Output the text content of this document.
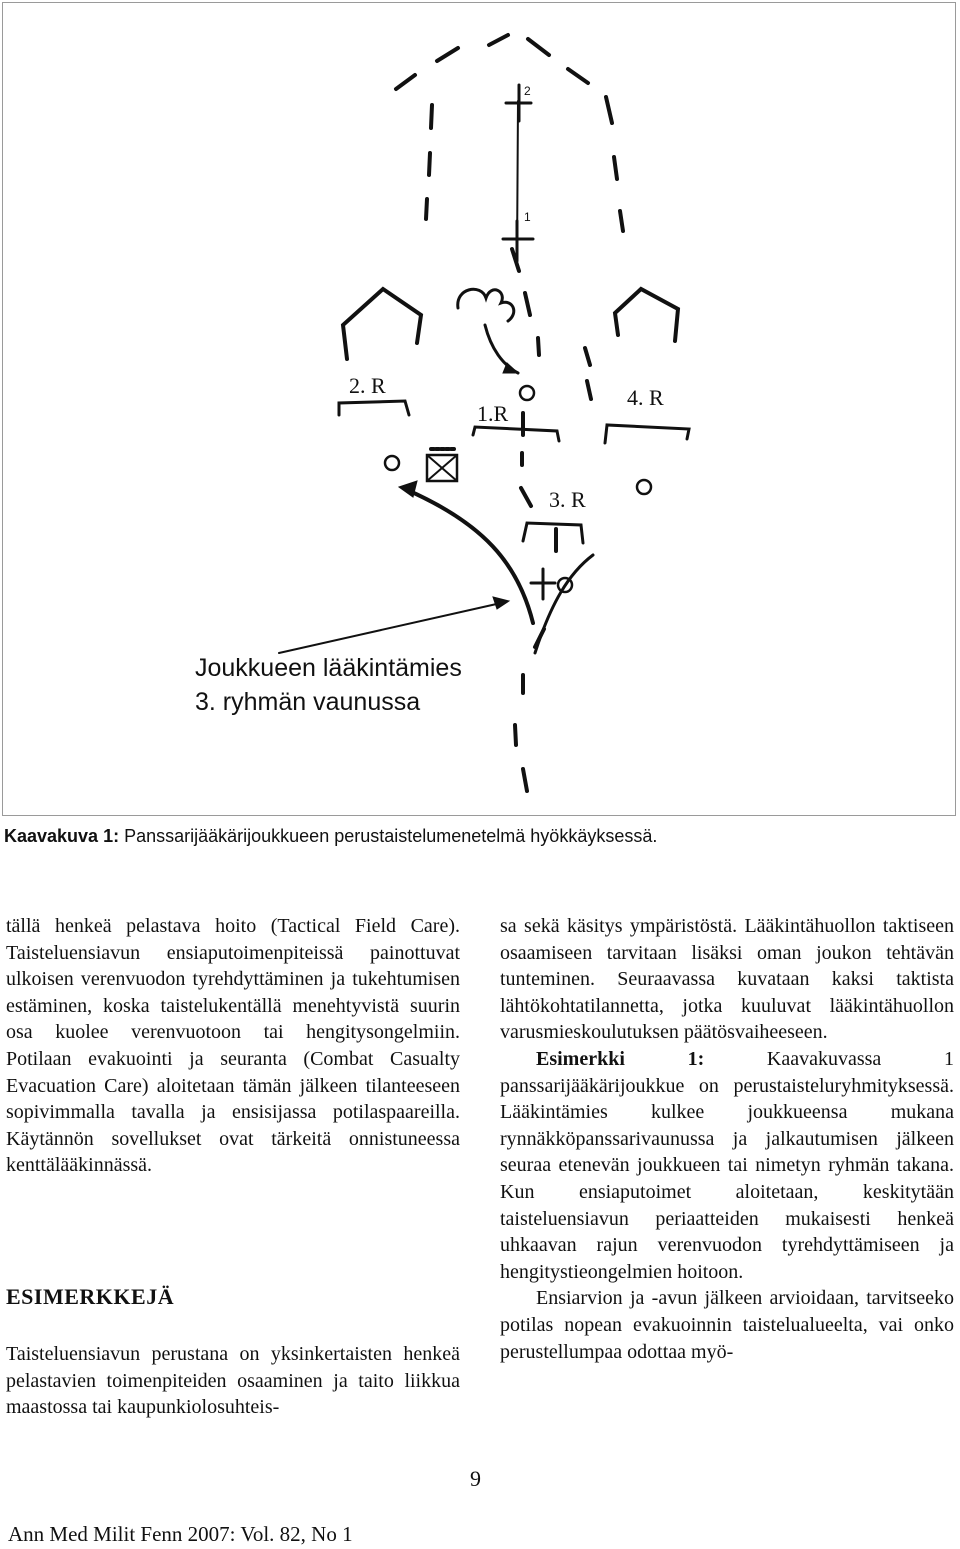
2. R
1.R
4. R
3. R
2
1
Joukkueen lääkintämies
3. ryhmän vaunussa
Kaavakuva 1: Panssarijääkärijoukkueen perustaistelumenetelmä hyökkäyksessä.

tällä henkeä pelastava hoito (Tactical Field Care). Taisteluensiavun ensiaputoimenpiteissä painottuvat ulkoisen verenvuodon tyrehdyttäminen ja tukehtumisen estäminen, koska taistelukentällä menehtyvistä suurin osa kuolee verenvuotoon tai hengitysongelmiin. Potilaan evakuointi ja seuranta (Combat Casualty Evacuation Care) aloitetaan tämän jälkeen tilanteeseen sopivimmalla tavalla ja ensisijassa potilaspaareilla. Käytännön sovellukset ovat tärkeitä onnistuneessa kenttälääkinnässä.

ESIMERKKEJÄ

Taisteluensiavun perustana on yksinkertaisten henkeä pelastavien toimenpiteiden osaaminen ja taito liikkua maastossa tai kaupunkiolosuhteis-

sa sekä käsitys ympäristöstä. Lääkintähuollon taktiseen osaamiseen tarvitaan lisäksi oman joukon tehtävän tunteminen. Seuraavassa kuvataan kaksi taktista lähtökohtatilannetta, jotka kuuluvat lääkintähuollon varusmieskoulutuksen päätösvaiheeseen.

Esimerkki 1: Kaavakuvassa 1 panssarijääkärijoukkue on perustaisteluryhmityksessä. Lääkintämies kulkee joukkueensa mukana rynnäkköpanssarivaunussa ja jalkautumisen jälkeen seuraa etenevän joukkueen tai nimetyn ryhmän takana. Kun ensiaputoimet aloitetaan, keskitytään taisteluensiavun periaatteiden mukaisesti henkeä uhkaavan rajun verenvuodon tyrehdyttämiseen ja hengitystieongelmien hoitoon.

Ensiarvion ja -avun jälkeen arvioidaan, tarvitseeko potilas nopean evakuoinnin taistelualueelta, vai onko perustellumpaa odottaa myö-

9
Ann Med Milit Fenn 2007: Vol. 82, No 1
